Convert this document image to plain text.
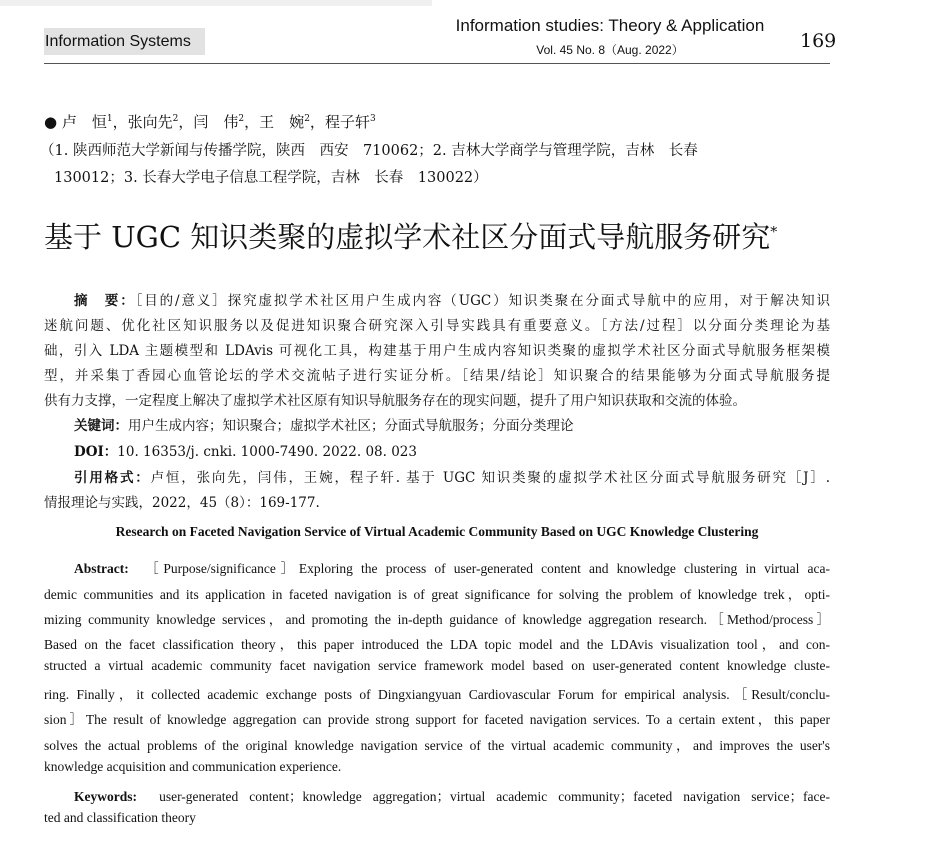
Information Systems
Information studies: Theory & Application
Vol. 45 No. 8（Aug. 2022）	169
● 卢　恒$^1$，张向先$^2$，闫　伟$^2$，王　婉$^2$，程子轩$^3$
（1. 陕西师范大学新闻与传播学院，陕西　西安　710062；2. 吉林大学商学与管理学院，吉林　长春
130012；3. 长春大学电子信息工程学院，吉林　长春　130022）
基于 UGC 知识类聚的虚拟学术社区分面式导航服务研究*
摘　要：［目的/意义］探究虚拟学术社区用户生成内容（UGC）知识类聚在分面式导航中的应用，对于解决知识
迷航问题、优化社区知识服务以及促进知识聚合研究深入引导实践具有重要意义。［方法/过程］以分面分类理论为基
础，引入 LDA 主题模型和 LDAvis 可视化工具，构建基于用户生成内容知识类聚的虚拟学术社区分面式导航服务框架模
型，并采集丁香园心血管论坛的学术交流帖子进行实证分析。［结果/结论］知识聚合的结果能够为分面式导航服务提
供有力支撑，一定程度上解决了虚拟学术社区原有知识导航服务存在的现实问题，提升了用户知识获取和交流的体验。
关键词：用户生成内容；知识聚合；虚拟学术社区；分面式导航服务；分面分类理论
DOI：10. 16353/j. cnki. 1000-7490. 2022. 08. 023
引用格式：卢恒，张向先，闫伟，王婉，程子轩. 基于 UGC 知识类聚的虚拟学术社区分面式导航服务研究［J］.
情报理论与实践，2022，45（8）：169-177.
Research on Faceted Navigation Service of Virtual Academic Community Based on UGC Knowledge Clustering
Abstract: ［Purpose/significance］Exploring the process of user-generated content and knowledge clustering in virtual aca-
demic communities and its application in faceted navigation is of great significance for solving the problem of knowledge trek，opti-
mizing community knowledge services，and promoting the in-depth guidance of knowledge aggregation research.［Method/process］
Based on the facet classification theory，this paper introduced the LDA topic model and the LDAvis visualization tool，and con-
structed a virtual academic community facet navigation service framework model based on user-generated content knowledge cluste-
ring. Finally，it collected academic exchange posts of Dingxiangyuan Cardiovascular Forum for empirical analysis.［Result/conclu-
sion］The result of knowledge aggregation can provide strong support for faceted navigation services. To a certain extent，this paper
solves the actual problems of the original knowledge navigation service of the virtual academic community，and improves the user's
knowledge acquisition and communication experience.
Keywords: user-generated content；knowledge aggregation；virtual academic community；faceted navigation service；face-
ted and classification theory
